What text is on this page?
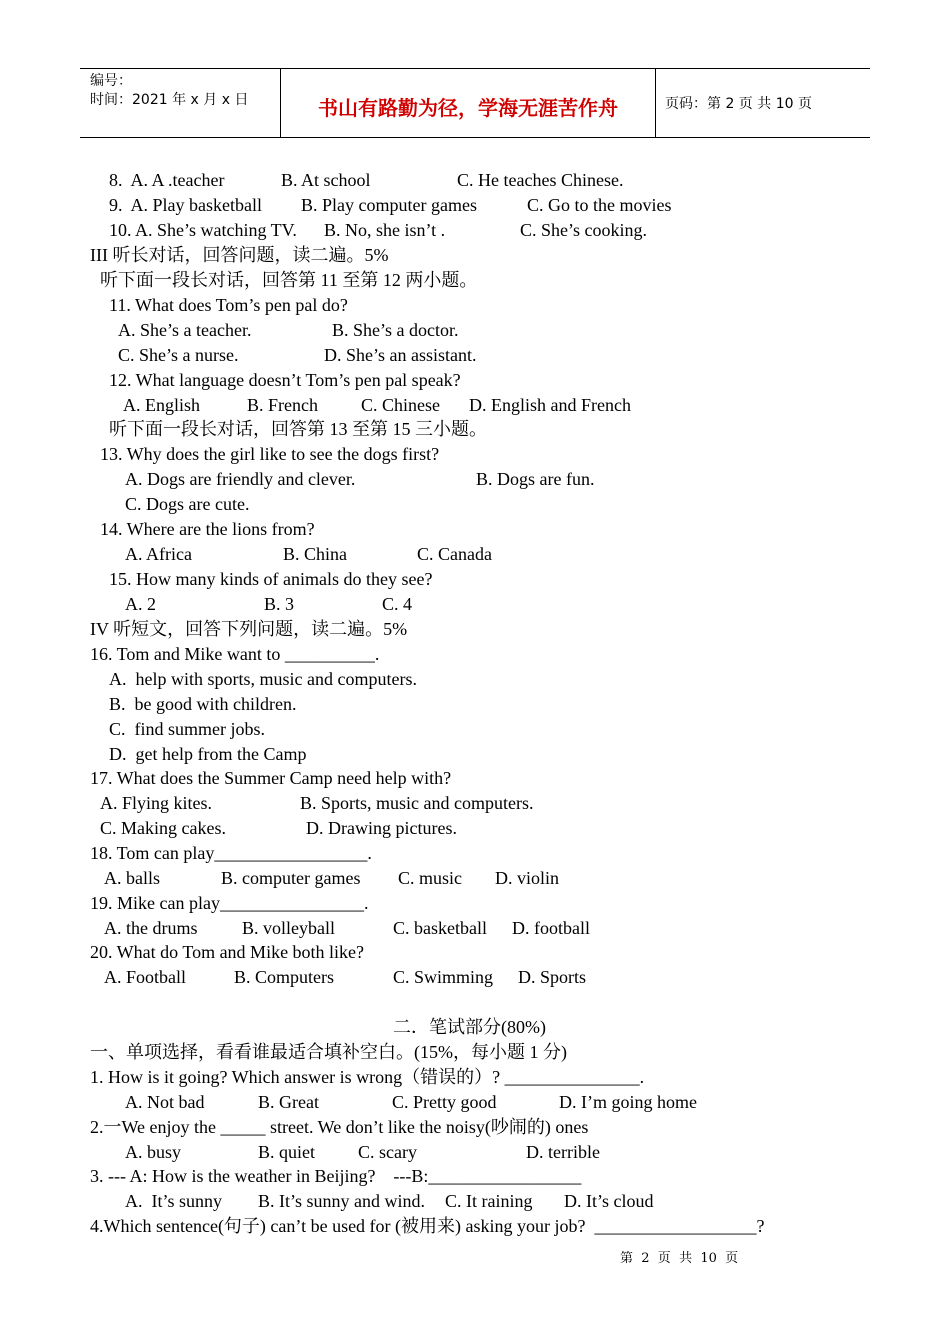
编号：
时间：2021 年 x 月 x 日	书山有路勤为径，学海无涯苦作舟	页码：第 2 页 共 10 页
8.  A. A .teacher	B. At school	C. He teaches Chinese.
9.  A. Play basketball B. Play computer games	C. Go to the movies
10. A. She’s watching TV. B. No, she isn’t .	C. She’s cooking.
III 听长对话，回答问题，读二遍。5%
听下面一段长对话，回答第 11 至第 12 两小题。
11. What does Tom’s pen pal do?
A. She’s a teacher.	B. She’s a doctor.
C. She’s a nurse.	D. She’s an assistant.
12. What language doesn’t Tom’s pen pal speak?
A. English	B. French C. Chinese D. English and French
听下面一段长对话，回答第 13 至第 15 三小题。
13. Why does the girl like to see the dogs first?
A. Dogs are friendly and clever.	B. Dogs are fun.
C. Dogs are cute.
14. Where are the lions from?
A. Africa	B. China	C. Canada
15. How many kinds of animals do they see?
A. 2	B. 3	C. 4
IV 听短文，回答下列问题，读二遍。5%
16. Tom and Mike want to __________.
A.  help with sports, music and computers.
B.  be good with children.
C.  find summer jobs.
D.  get help from the Camp
17. What does the Summer Camp need help with?
A. Flying kites.	B. Sports, music and computers.
C. Making cakes.	D. Drawing pictures.
18. Tom can play_________________.
A. balls	B. computer games C. music D. violin
19. Mike can play________________.
A. the drums B. volleyball	C. basketball D. football
20. What do Tom and Mike both like?
A. Football	B. Computers	C. Swimming D. Sports
二．笔试部分(80%)
一、单项选择，看看谁最适合填补空白。(15%，每小题 1 分)
1. How is it going? Which answer is wrong（错误的）? _______________.
A. Not bad	B. Great	C. Pretty good	D. I’m going home
2.一We enjoy the _____ street. We don’t like the noisy(吵闹的) ones
A. busy	B. quiet C. scary	D. terrible
3. --- A: How is the weather in Beijing?    ---B:_________________
A.  It’s sunny B. It’s sunny and wind. C. It raining D. It’s cloud
4.Which sentence(句子) can’t be used for (被用来) asking your job?  __________________?
第  2  页  共  10  页
